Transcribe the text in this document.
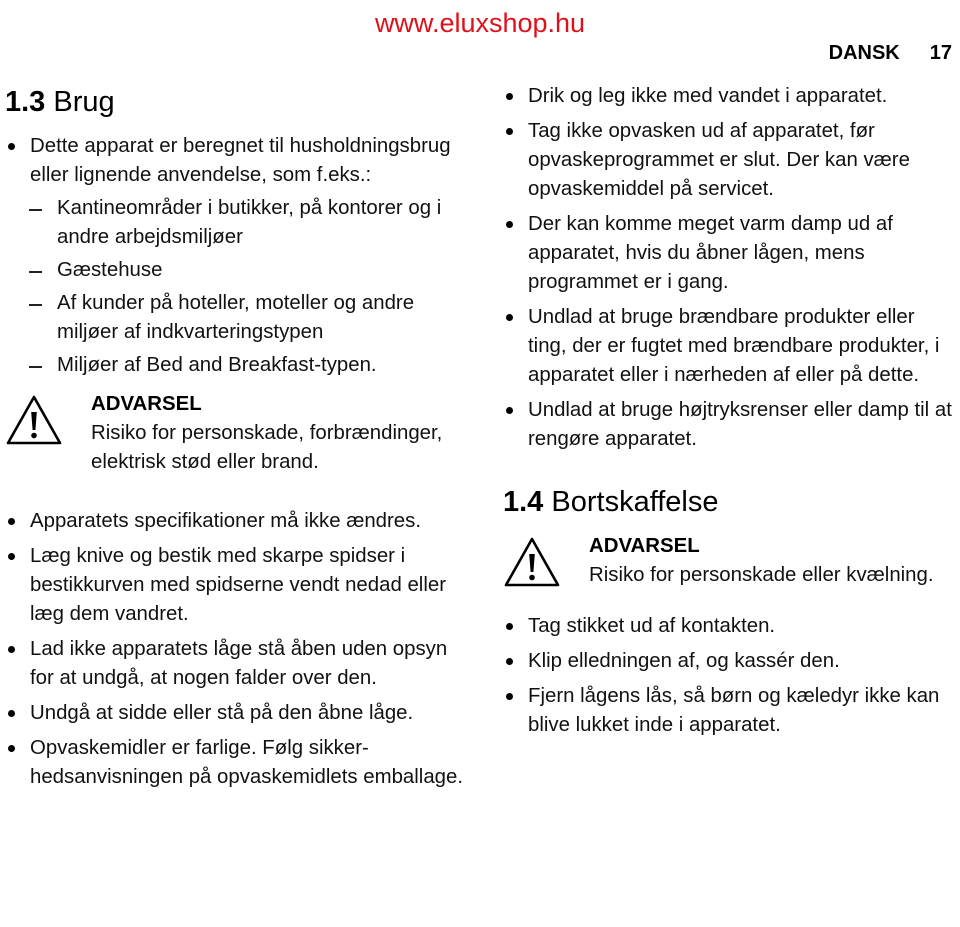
www.eluxshop.hu
DANSK 17
1.3 Brug
Dette apparat er beregnet til husholdningsbrug eller lignende anvendelse, som f.eks.:
Kantineområder i butikker, på kontorer og i andre arbejdsmiljøer
Gæstehuse
Af kunder på hoteller, moteller og andre miljøer af indkvarteringstypen
Miljøer af Bed and Breakfast-typen.
ADVARSEL
Risiko for personskade, forbrændinger, elektrisk stød eller brand.
Apparatets specifikationer må ikke ændres.
Læg knive og bestik med skarpe spidser i bestikkurven med spidserne vendt nedad eller læg dem vandret.
Lad ikke apparatets låge stå åben uden opsyn for at undgå, at nogen falder over den.
Undgå at sidde eller stå på den åbne låge.
Opvaskemidler er farlige. Følg sikkerhedsanvisningen på opvaskemidlets emballage.
Drik og leg ikke med vandet i apparatet.
Tag ikke opvasken ud af apparatet, før opvaskeprogrammet er slut. Der kan være opvaskemiddel på servicet.
Der kan komme meget varm damp ud af apparatet, hvis du åbner lågen, mens programmet er i gang.
Undlad at bruge brændbare produkter eller ting, der er fugtet med brændbare produkter, i apparatet eller i nærheden af eller på dette.
Undlad at bruge højtryksrenser eller damp til at rengøre apparatet.
1.4 Bortskaffelse
ADVARSEL
Risiko for personskade eller kvælning.
Tag stikket ud af kontakten.
Klip elledningen af, og kassér den.
Fjern lågens lås, så børn og kæledyr ikke kan blive lukket inde i apparatet.
